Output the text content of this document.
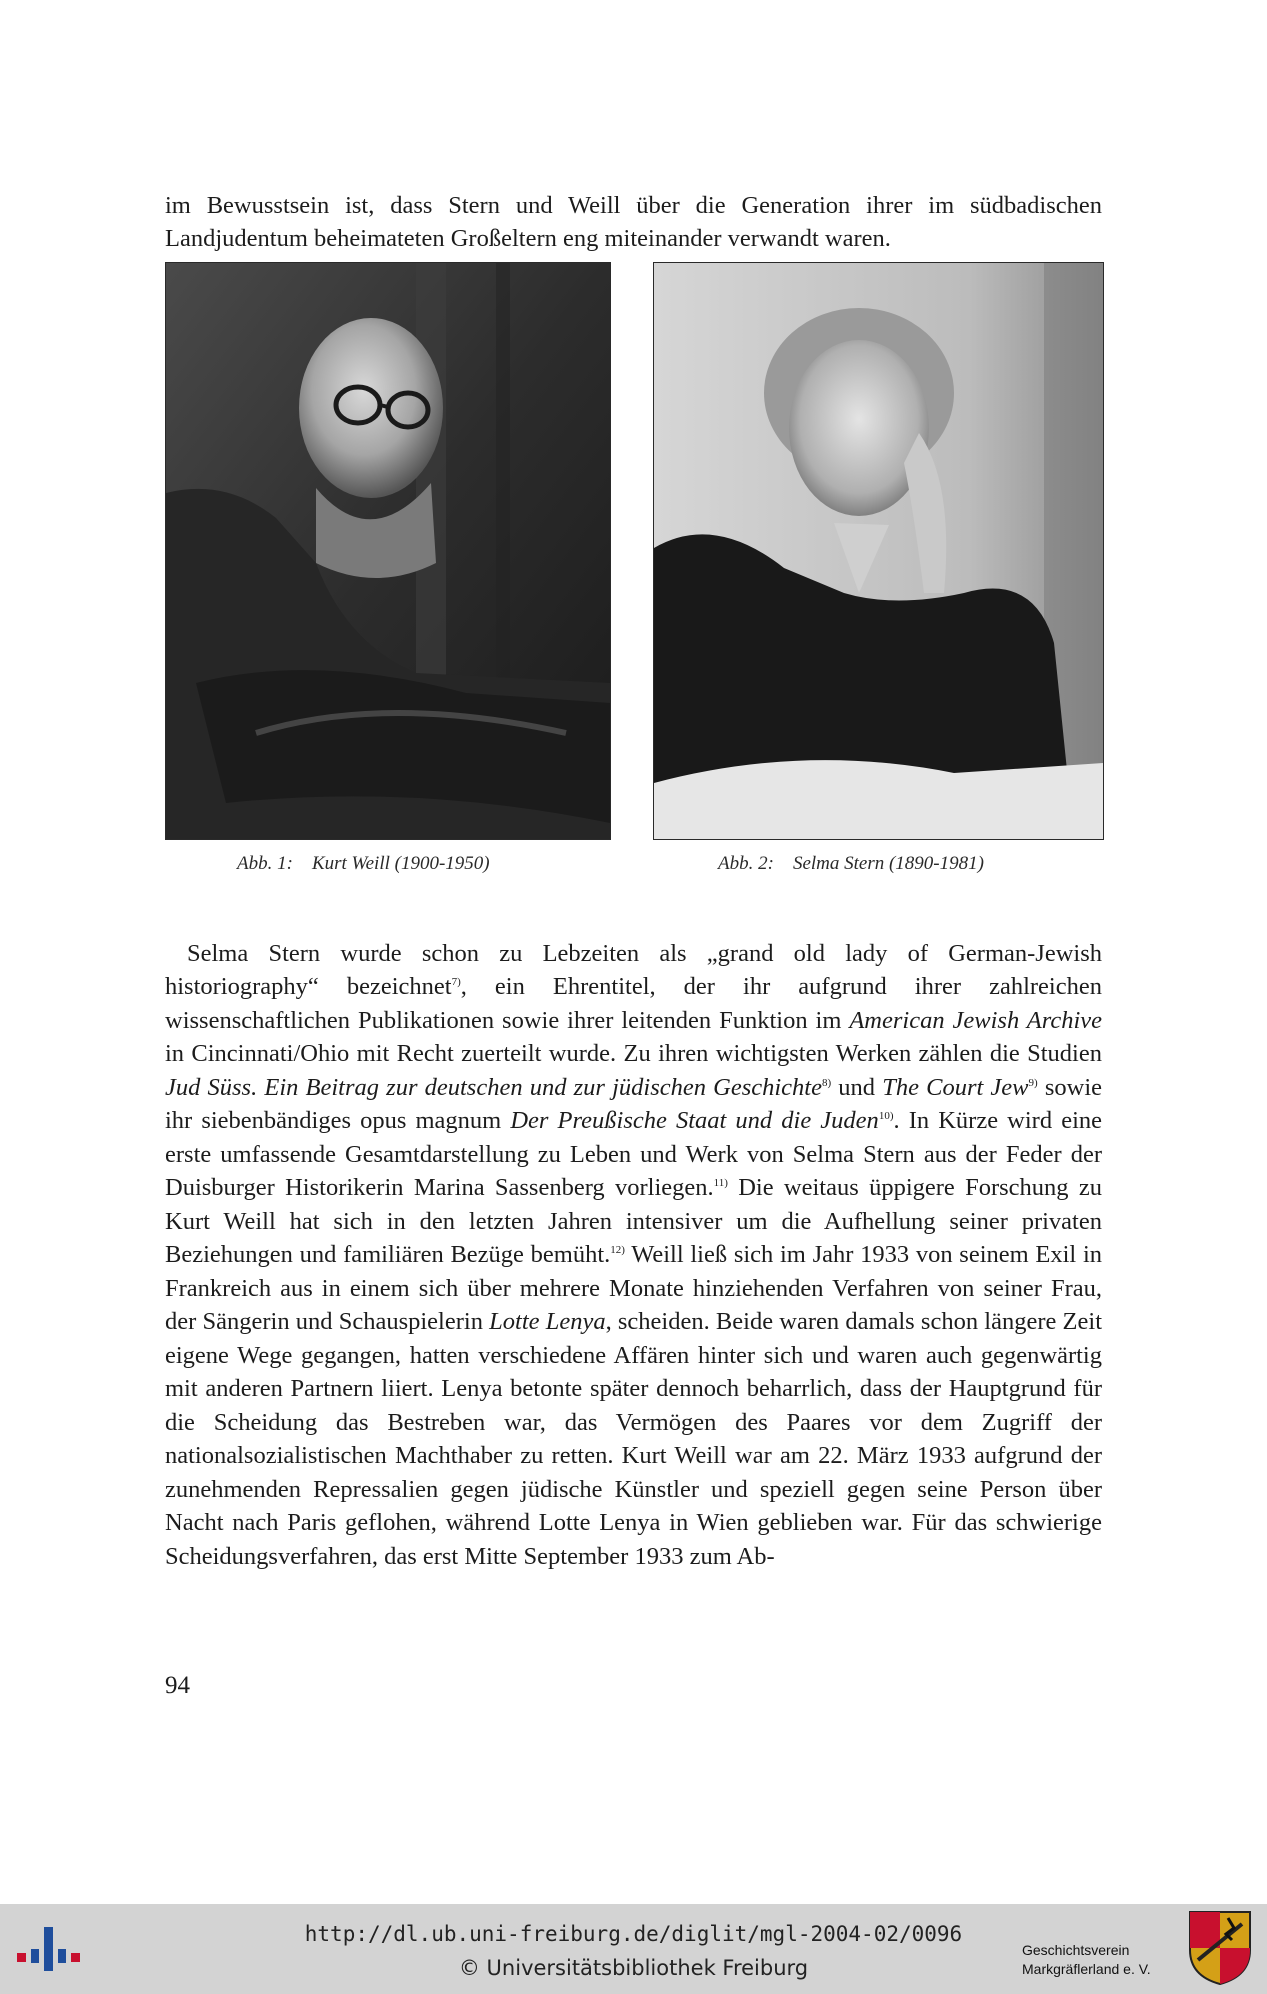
im Bewusstsein ist, dass Stern und Weill über die Generation ihrer im südbadischen Landjudentum beheimateten Großeltern eng miteinander verwandt waren.

Abb. 1: Kurt Weill (1900-1950)	Abb. 2: Selma Stern (1890-1981)

Selma Stern wurde schon zu Lebzeiten als „grand old lady of German-Jewish historiography“ bezeichnet$^{7)}$, ein Ehrentitel, der ihr aufgrund ihrer zahlreichen wissenschaftlichen Publikationen sowie ihrer leitenden Funktion im American Jewish Archive in Cincinnati/Ohio mit Recht zuerteilt wurde. Zu ihren wichtigsten Werken zählen die Studien Jud Süss. Ein Beitrag zur deutschen und zur jüdischen Geschichte$^{8)}$ und The Court Jew$^{9)}$ sowie ihr siebenbändiges opus magnum Der Preußische Staat und die Juden$^{10)}$. In Kürze wird eine erste umfassende Gesamtdarstellung zu Leben und Werk von Selma Stern aus der Feder der Duisburger Historikerin Marina Sassenberg vorliegen.$^{11)}$ Die weitaus üppigere Forschung zu Kurt Weill hat sich in den letzten Jahren intensiver um die Aufhellung seiner privaten Beziehungen und familiären Bezüge bemüht.$^{12)}$ Weill ließ sich im Jahr 1933 von seinem Exil in Frankreich aus in einem sich über mehrere Monate hinziehenden Verfahren von seiner Frau, der Sängerin und Schauspielerin Lotte Lenya, scheiden. Beide waren damals schon längere Zeit eigene Wege gegangen, hatten verschiedene Affären hinter sich und waren auch gegenwärtig mit anderen Partnern liiert. Lenya betonte später dennoch beharrlich, dass der Hauptgrund für die Scheidung das Bestreben war, das Vermögen des Paares vor dem Zugriff der nationalsozialistischen Machthaber zu retten. Kurt Weill war am 22. März 1933 aufgrund der zunehmenden Repressalien gegen jüdische Künstler und speziell gegen seine Person über Nacht nach Paris geflohen, während Lotte Lenya in Wien geblieben war. Für das schwierige Scheidungsverfahren, das erst Mitte September 1933 zum Ab-

94
http://dl.ub.uni-freiburg.de/diglit/mgl-2004-02/0096
© Universitätsbibliothek Freiburg
Geschichtsverein
Markgräflerland e. V.
